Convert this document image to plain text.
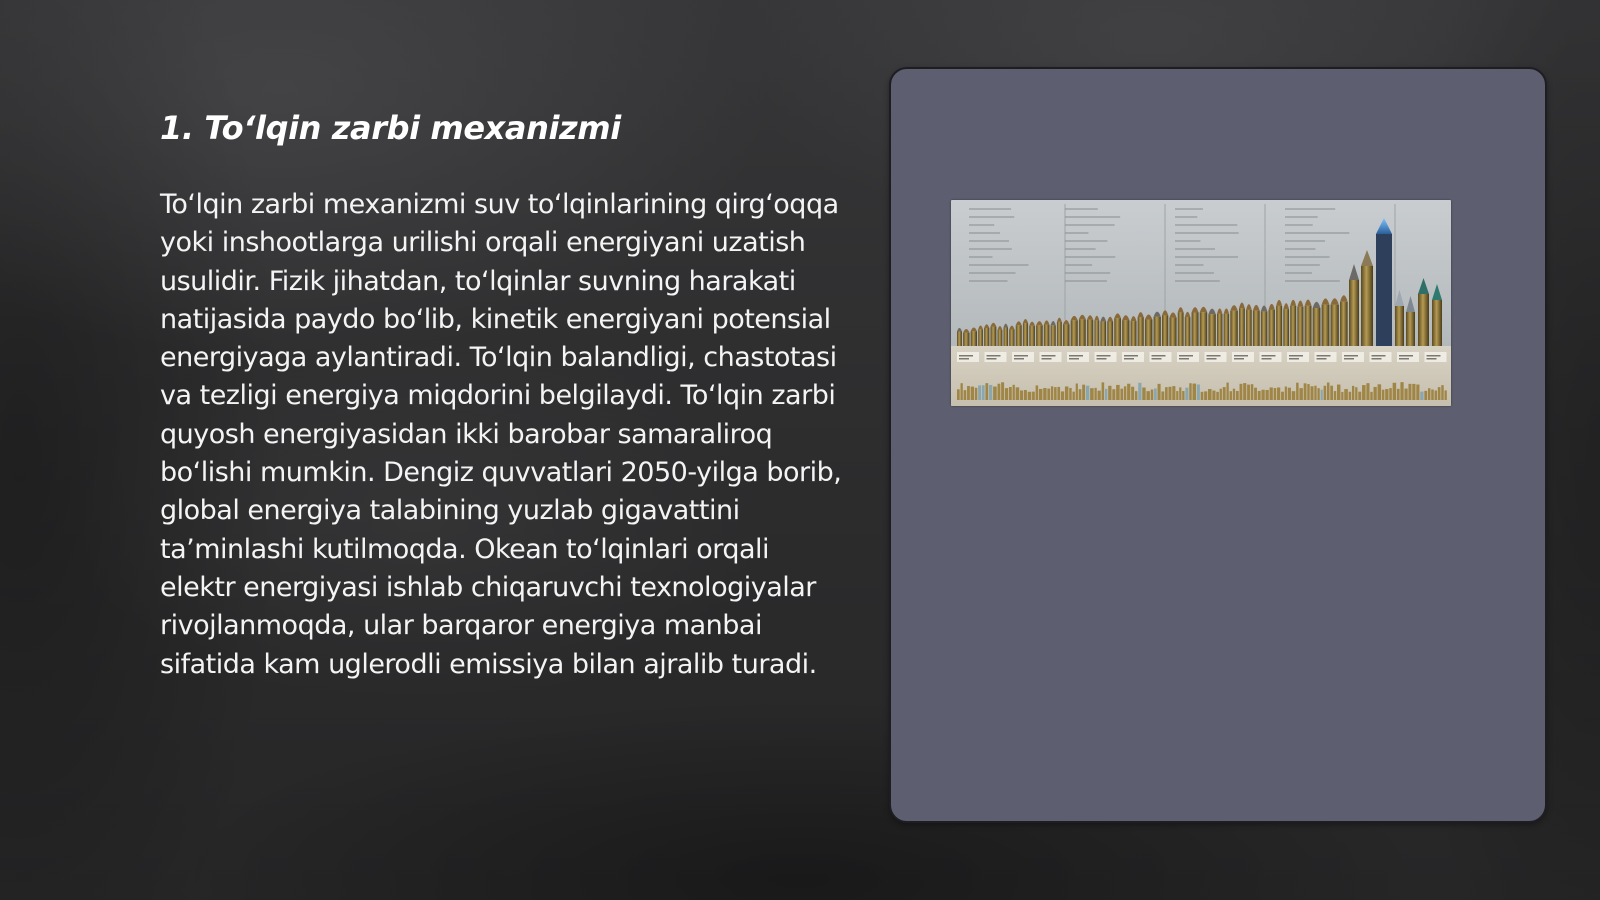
1. To‘lqin zarbi mexanizmi

To‘lqin zarbi mexanizmi suv to‘lqinlarining qirg‘oqqa yoki inshootlarga urilishi orqali energiyani uzatish usulidir. Fizik jihatdan, to‘lqinlar suvning harakati natijasida paydo bo‘lib, kinetik energiyani potensial energiyaga aylantiradi. To‘lqin balandligi, chastotasi va tezligi energiya miqdorini belgilaydi. To‘lqin zarbi quyosh energiyasidan ikki barobar samaraliroq bo‘lishi mumkin. Dengiz quvvatlari 2050-yilga borib, global energiya talabining yuzlab gigavattini ta’minlashi kutilmoqda. Okean to‘lqinlari orqali elektr energiyasi ishlab chiqaruvchi texnologiyalar rivojlanmoqda, ular barqaror energiya manbai sifatida kam uglerodli emissiya bilan ajralib turadi.
